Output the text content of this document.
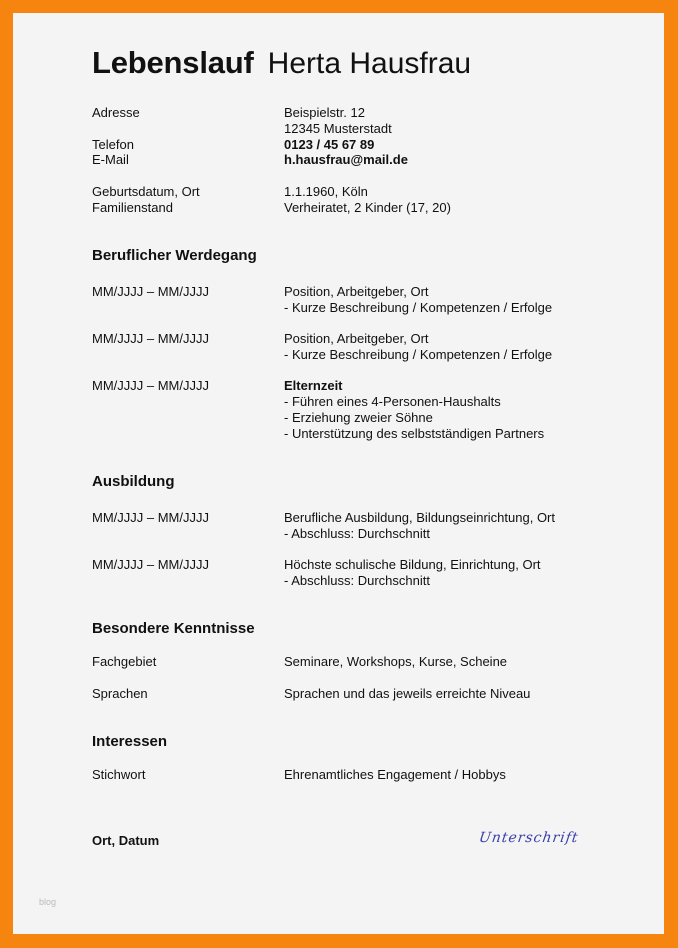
Lebenslauf Herta Hausfrau
Adresse	Beispielstr. 12
12345 Musterstadt
Telefon	0123 / 45 67 89
E-Mail	h.hausfrau@mail.de
Geburtsdatum, Ort	1.1.1960, Köln
Familienstand	Verheiratet, 2 Kinder (17, 20)
Beruflicher Werdegang
MM/JJJJ – MM/JJJJ	Position, Arbeitgeber, Ort
- Kurze Beschreibung / Kompetenzen / Erfolge
MM/JJJJ – MM/JJJJ	Position, Arbeitgeber, Ort
- Kurze Beschreibung / Kompetenzen / Erfolge
MM/JJJJ – MM/JJJJ	Elternzeit
- Führen eines 4-Personen-Haushalts
- Erziehung zweier Söhne
- Unterstützung des selbstständigen Partners
Ausbildung
MM/JJJJ – MM/JJJJ	Berufliche Ausbildung, Bildungseinrichtung, Ort
- Abschluss: Durchschnitt
MM/JJJJ – MM/JJJJ	Höchste schulische Bildung, Einrichtung, Ort
- Abschluss: Durchschnitt
Besondere Kenntnisse
Fachgebiet	Seminare, Workshops, Kurse, Scheine
Sprachen	Sprachen und das jeweils erreichte Niveau
Interessen
Stichwort	Ehrenamtliches Engagement / Hobbys
Ort, Datum	Unterschrift
blog
